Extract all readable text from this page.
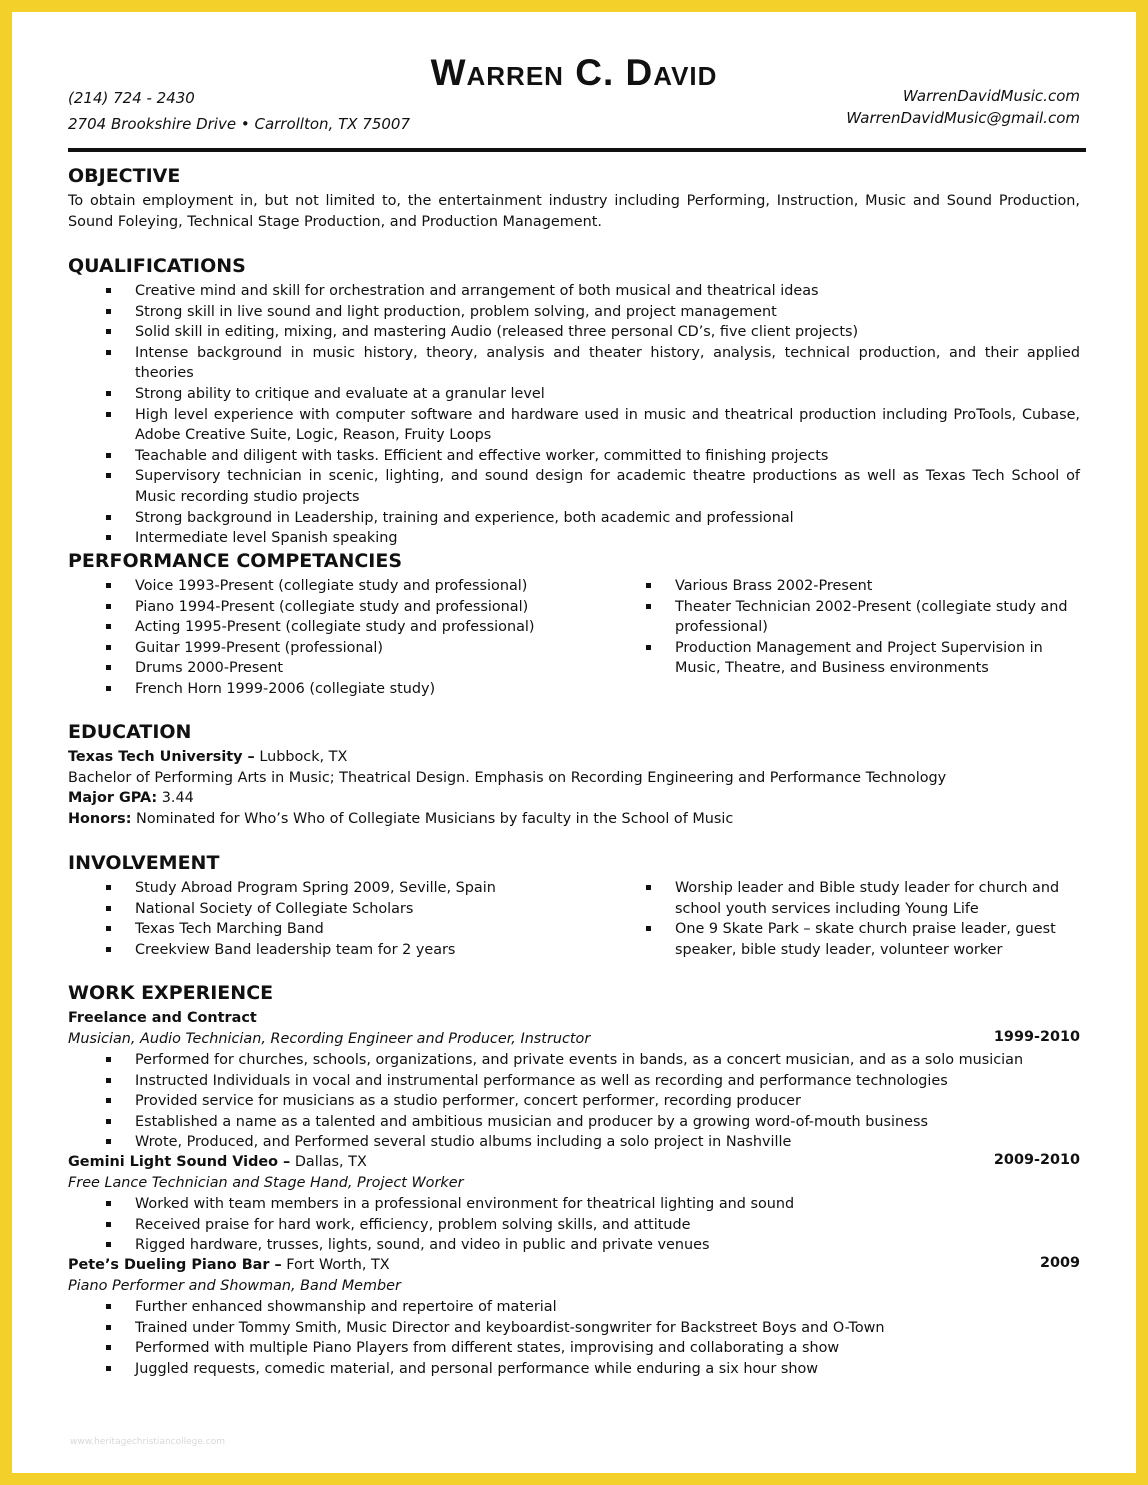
Warren C. David
(214) 724 - 2430
2704 Brookshire Drive • Carrollton, TX 75007
WarrenDavidMusic.com
WarrenDavidMusic@gmail.com
OBJECTIVE
To obtain employment in, but not limited to, the entertainment industry including Performing, Instruction, Music and Sound Production, Sound Foleying, Technical Stage Production, and Production Management.
QUALIFICATIONS
Creative mind and skill for orchestration and arrangement of both musical and theatrical ideas
Strong skill in live sound and light production, problem solving, and project management
Solid skill in editing, mixing, and mastering Audio (released three personal CD’s, five client projects)
Intense background in music history, theory, analysis and theater history, analysis, technical production, and their applied theories
Strong ability to critique and evaluate at a granular level
High level experience with computer software and hardware used in music and theatrical production including ProTools, Cubase, Adobe Creative Suite, Logic, Reason, Fruity Loops
Teachable and diligent with tasks. Efficient and effective worker, committed to finishing projects
Supervisory technician in scenic, lighting, and sound design for academic theatre productions as well as Texas Tech School of Music recording studio projects
Strong background in Leadership, training and experience, both academic and professional
Intermediate level Spanish speaking
PERFORMANCE COMPETANCIES
Voice 1993-Present (collegiate study and professional)
Piano 1994-Present (collegiate study and professional)
Acting 1995-Present (collegiate study and professional)
Guitar 1999-Present (professional)
Drums 2000-Present
French Horn 1999-2006 (collegiate study)
Various Brass 2002-Present
Theater Technician 2002-Present (collegiate study and professional)
Production Management and Project Supervision in Music, Theatre, and Business environments
EDUCATION
Texas Tech University – Lubbock, TX
Bachelor of Performing Arts in Music; Theatrical Design. Emphasis on Recording Engineering and Performance Technology
Major GPA: 3.44
Honors: Nominated for Who’s Who of Collegiate Musicians by faculty in the School of Music
INVOLVEMENT
Study Abroad Program Spring 2009, Seville, Spain
National Society of Collegiate Scholars
Texas Tech Marching Band
Creekview Band leadership team for 2 years
Worship leader and Bible study leader for church and school youth services including Young Life
One 9 Skate Park – skate church praise leader, guest speaker, bible study leader, volunteer worker
WORK EXPERIENCE
Freelance and Contract
Musician, Audio Technician, Recording Engineer and Producer, Instructor	1999-2010
Performed for churches, schools, organizations, and private events in bands, as a concert musician, and as a solo musician
Instructed Individuals in vocal and instrumental performance as well as recording and performance technologies
Provided service for musicians as a studio performer, concert performer, recording producer
Established a name as a talented and ambitious musician and producer by a growing word-of-mouth business
Wrote, Produced, and Performed several studio albums including a solo project in Nashville
Gemini Light Sound Video – Dallas, TX	2009-2010
Free Lance Technician and Stage Hand, Project Worker
Worked with team members in a professional environment for theatrical lighting and sound
Received praise for hard work, efficiency, problem solving skills, and attitude
Rigged hardware, trusses, lights, sound, and video in public and private venues
Pete’s Dueling Piano Bar – Fort Worth, TX	2009
Piano Performer and Showman, Band Member
Further enhanced showmanship and repertoire of material
Trained under Tommy Smith, Music Director and keyboardist-songwriter for Backstreet Boys and O-Town
Performed with multiple Piano Players from different states, improvising and collaborating a show
Juggled requests, comedic material, and personal performance while enduring a six hour show
www.heritagechristiancollege.com
